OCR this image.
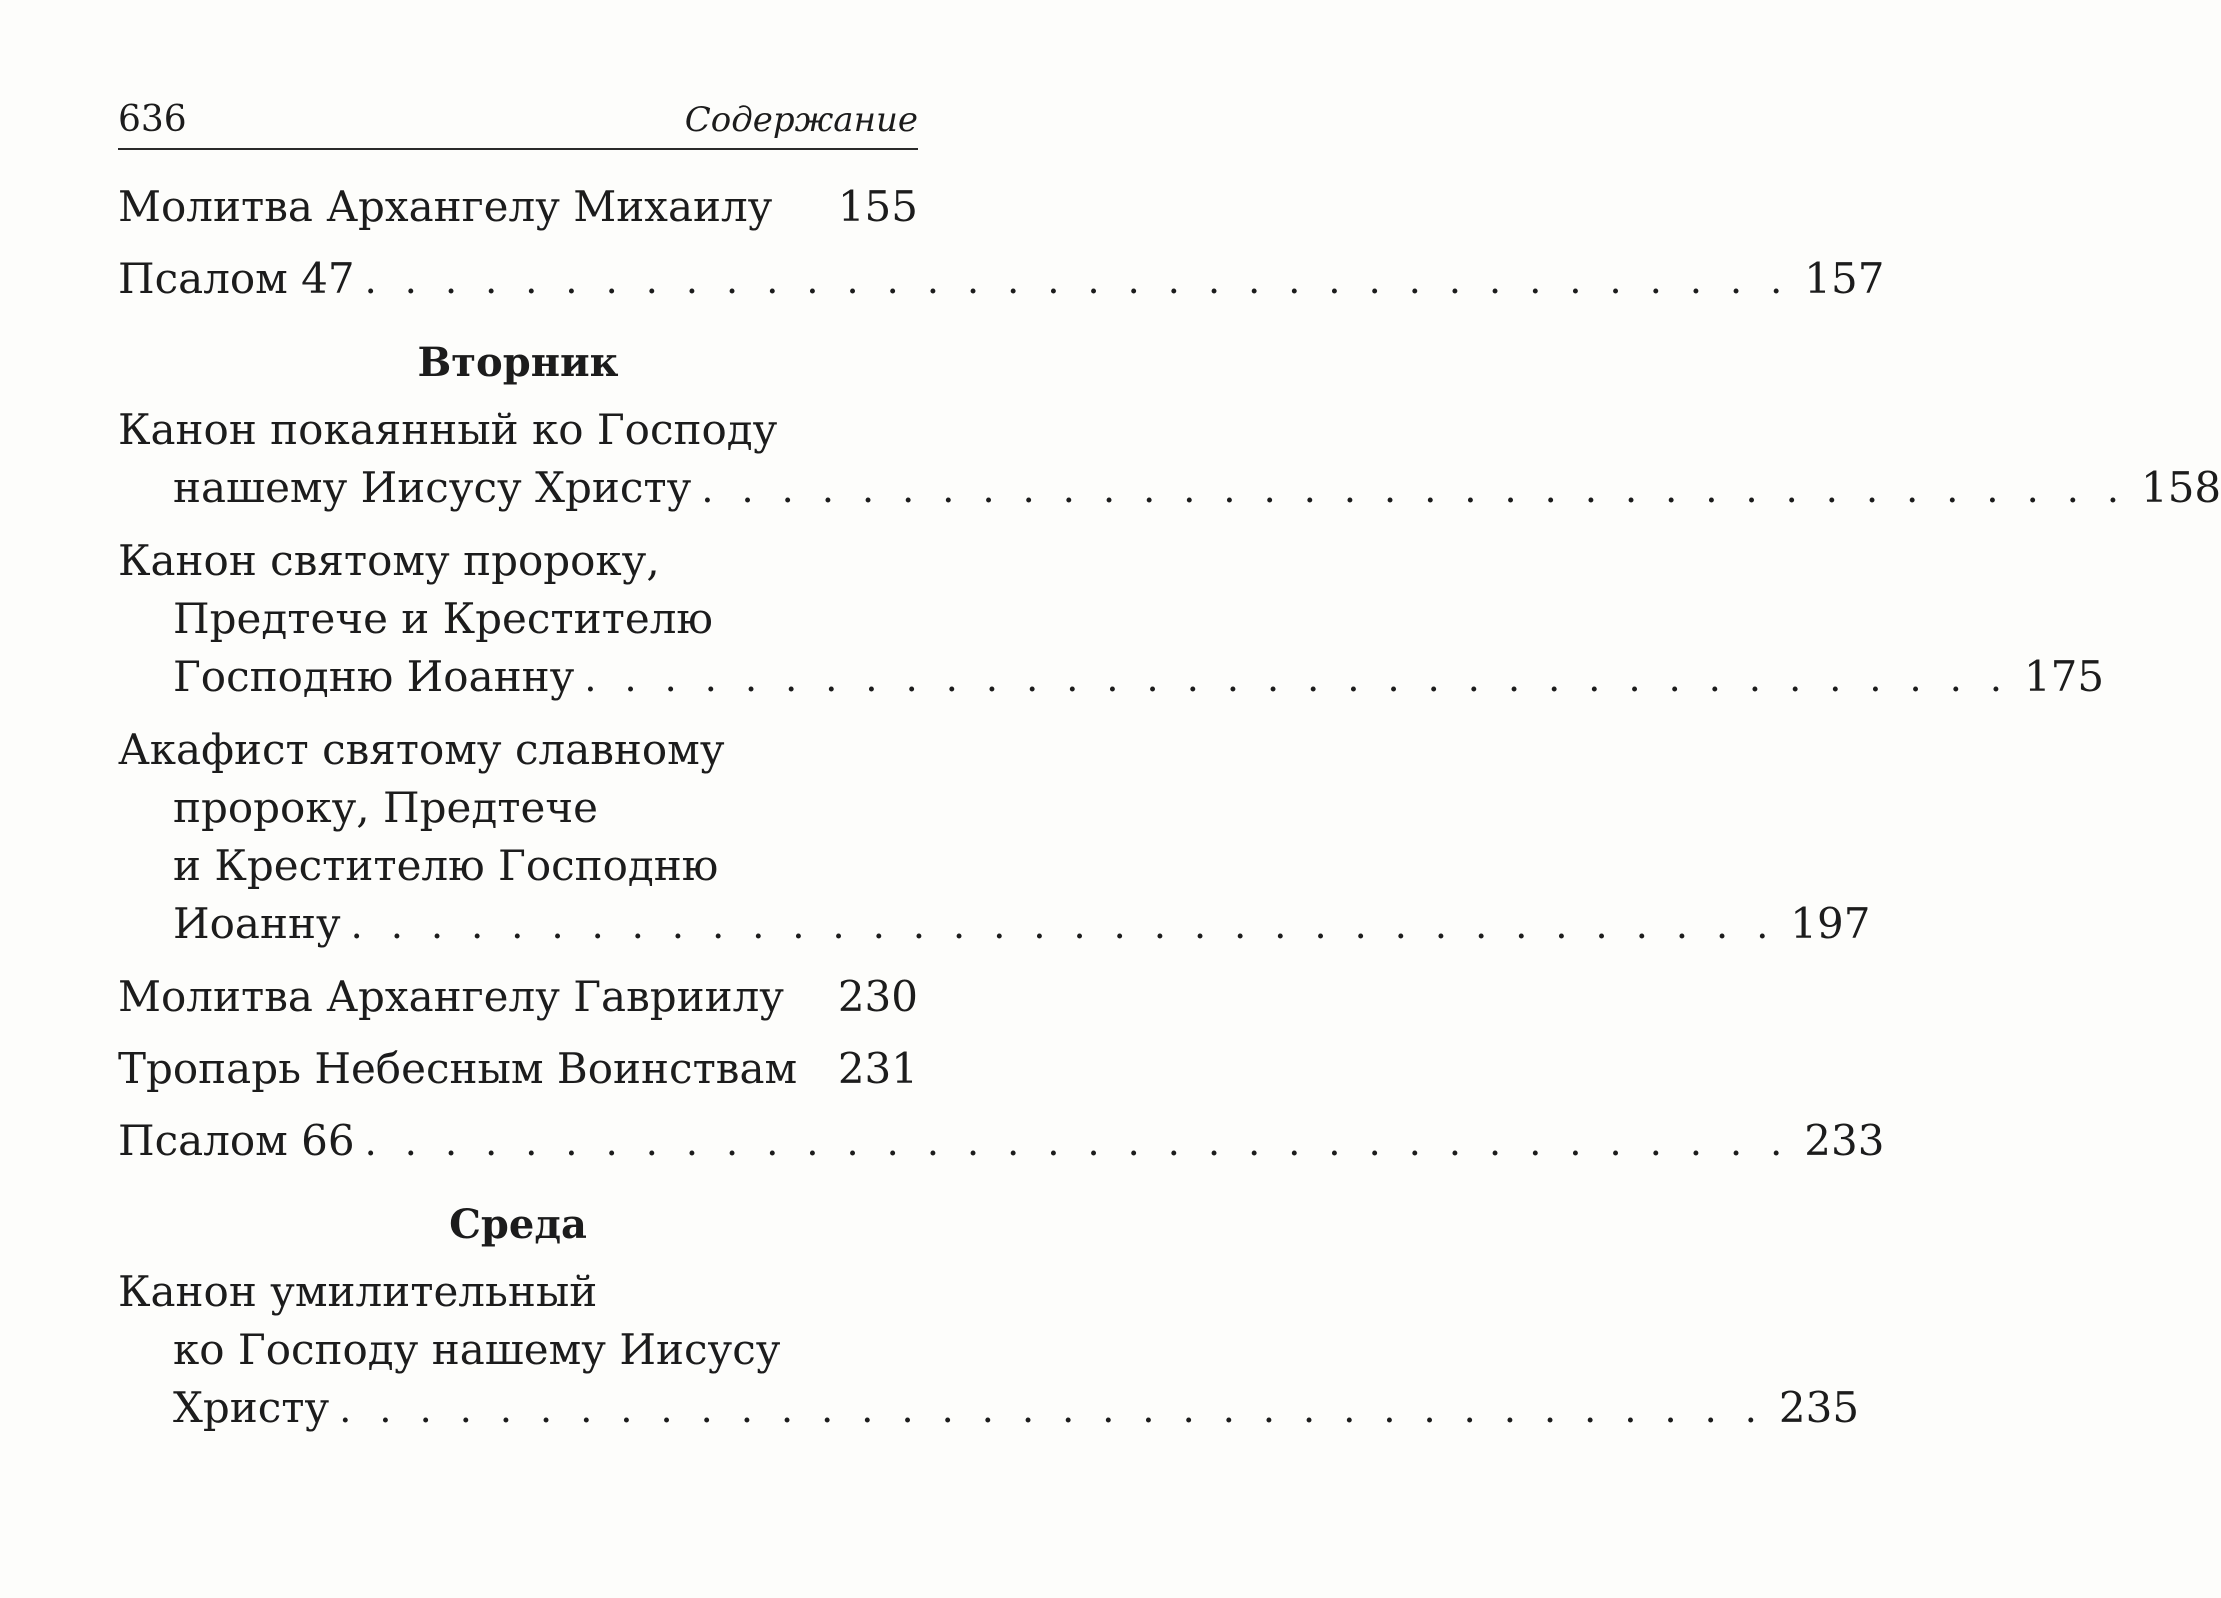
636	Содержание
Молитва Архангелу Михаилу 155
Псалом 47 . . . . . . . . . . . . . . . . . . . . . . . . . . . . . . . . . . . . 157
Вторник
Канон покаянный ко Господу
нашему Иисусу Христу . . . . . . . . . . . . . . . . . . . . . . . . . . . . . . . . . . . . 158
Канон святому пророку,
Предтече и Крестителю
Господню Иоанну . . . . . . . . . . . . . . . . . . . . . . . . . . . . . . . . . . . . 175
Акафист святому славному
пророку, Предтече
и Крестителю Господню
Иоанну . . . . . . . . . . . . . . . . . . . . . . . . . . . . . . . . . . . . 197
Молитва Архангелу Гавриилу 230
Тропарь Небесным Воинствам 231
Псалом 66 . . . . . . . . . . . . . . . . . . . . . . . . . . . . . . . . . . . . 233
Среда
Канон умилительный
ко Господу нашему Иисусу
Христу . . . . . . . . . . . . . . . . . . . . . . . . . . . . . . . . . . . . 235
